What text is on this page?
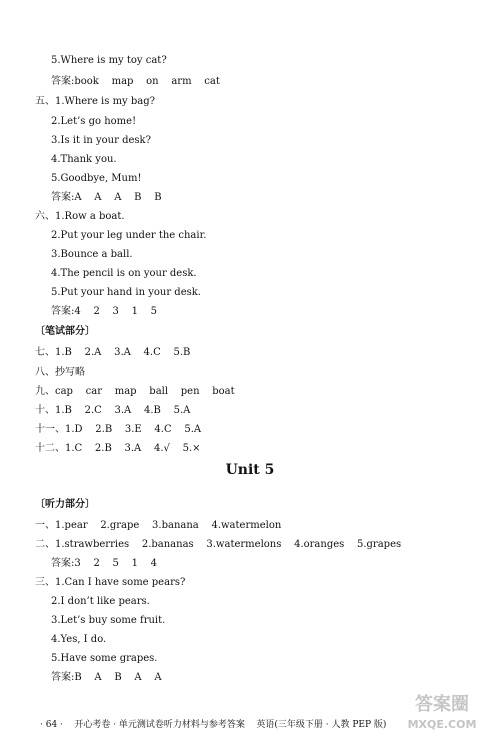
5.Where is my toy cat?
答案:book    map    on    arm    cat
五、1.Where is my bag?
2.Let’s go home!
3.Is it in your desk?
4.Thank you.
5.Goodbye, Mum!
答案:A    A    A    B    B
六、1.Row a boat.
2.Put your leg under the chair.
3.Bounce a ball.
4.The pencil is on your desk.
5.Put your hand in your desk.
答案:4    2    3    1    5
〔笔试部分〕
七、1.B    2.A    3.A    4.C    5.B
八、抄写略
九、cap    car    map    ball    pen    boat
十、1.B    2.C    3.A    4.B    5.A
十一、1.D    2.B    3.E    4.C    5.A
十二、1.C    2.B    3.A    4.√    5.×
〔听力部分〕
一、1.pear    2.grape    3.banana    4.watermelon
二、1.strawberries    2.bananas    3.watermelons    4.oranges    5.grapes
答案:3    2    5    1    4
三、1.Can I have some pears?
2.I don’t like pears.
3.Let’s buy some fruit.
4.Yes, I do.
5.Have some grapes.
答案:B    A    B    A    A
Unit 5
· 64 ·    开心考卷 · 单元测试卷听力材料与参考答案    英语(三年级下册 · 人教 PEP 版)
答案圈
MXQE.COM
